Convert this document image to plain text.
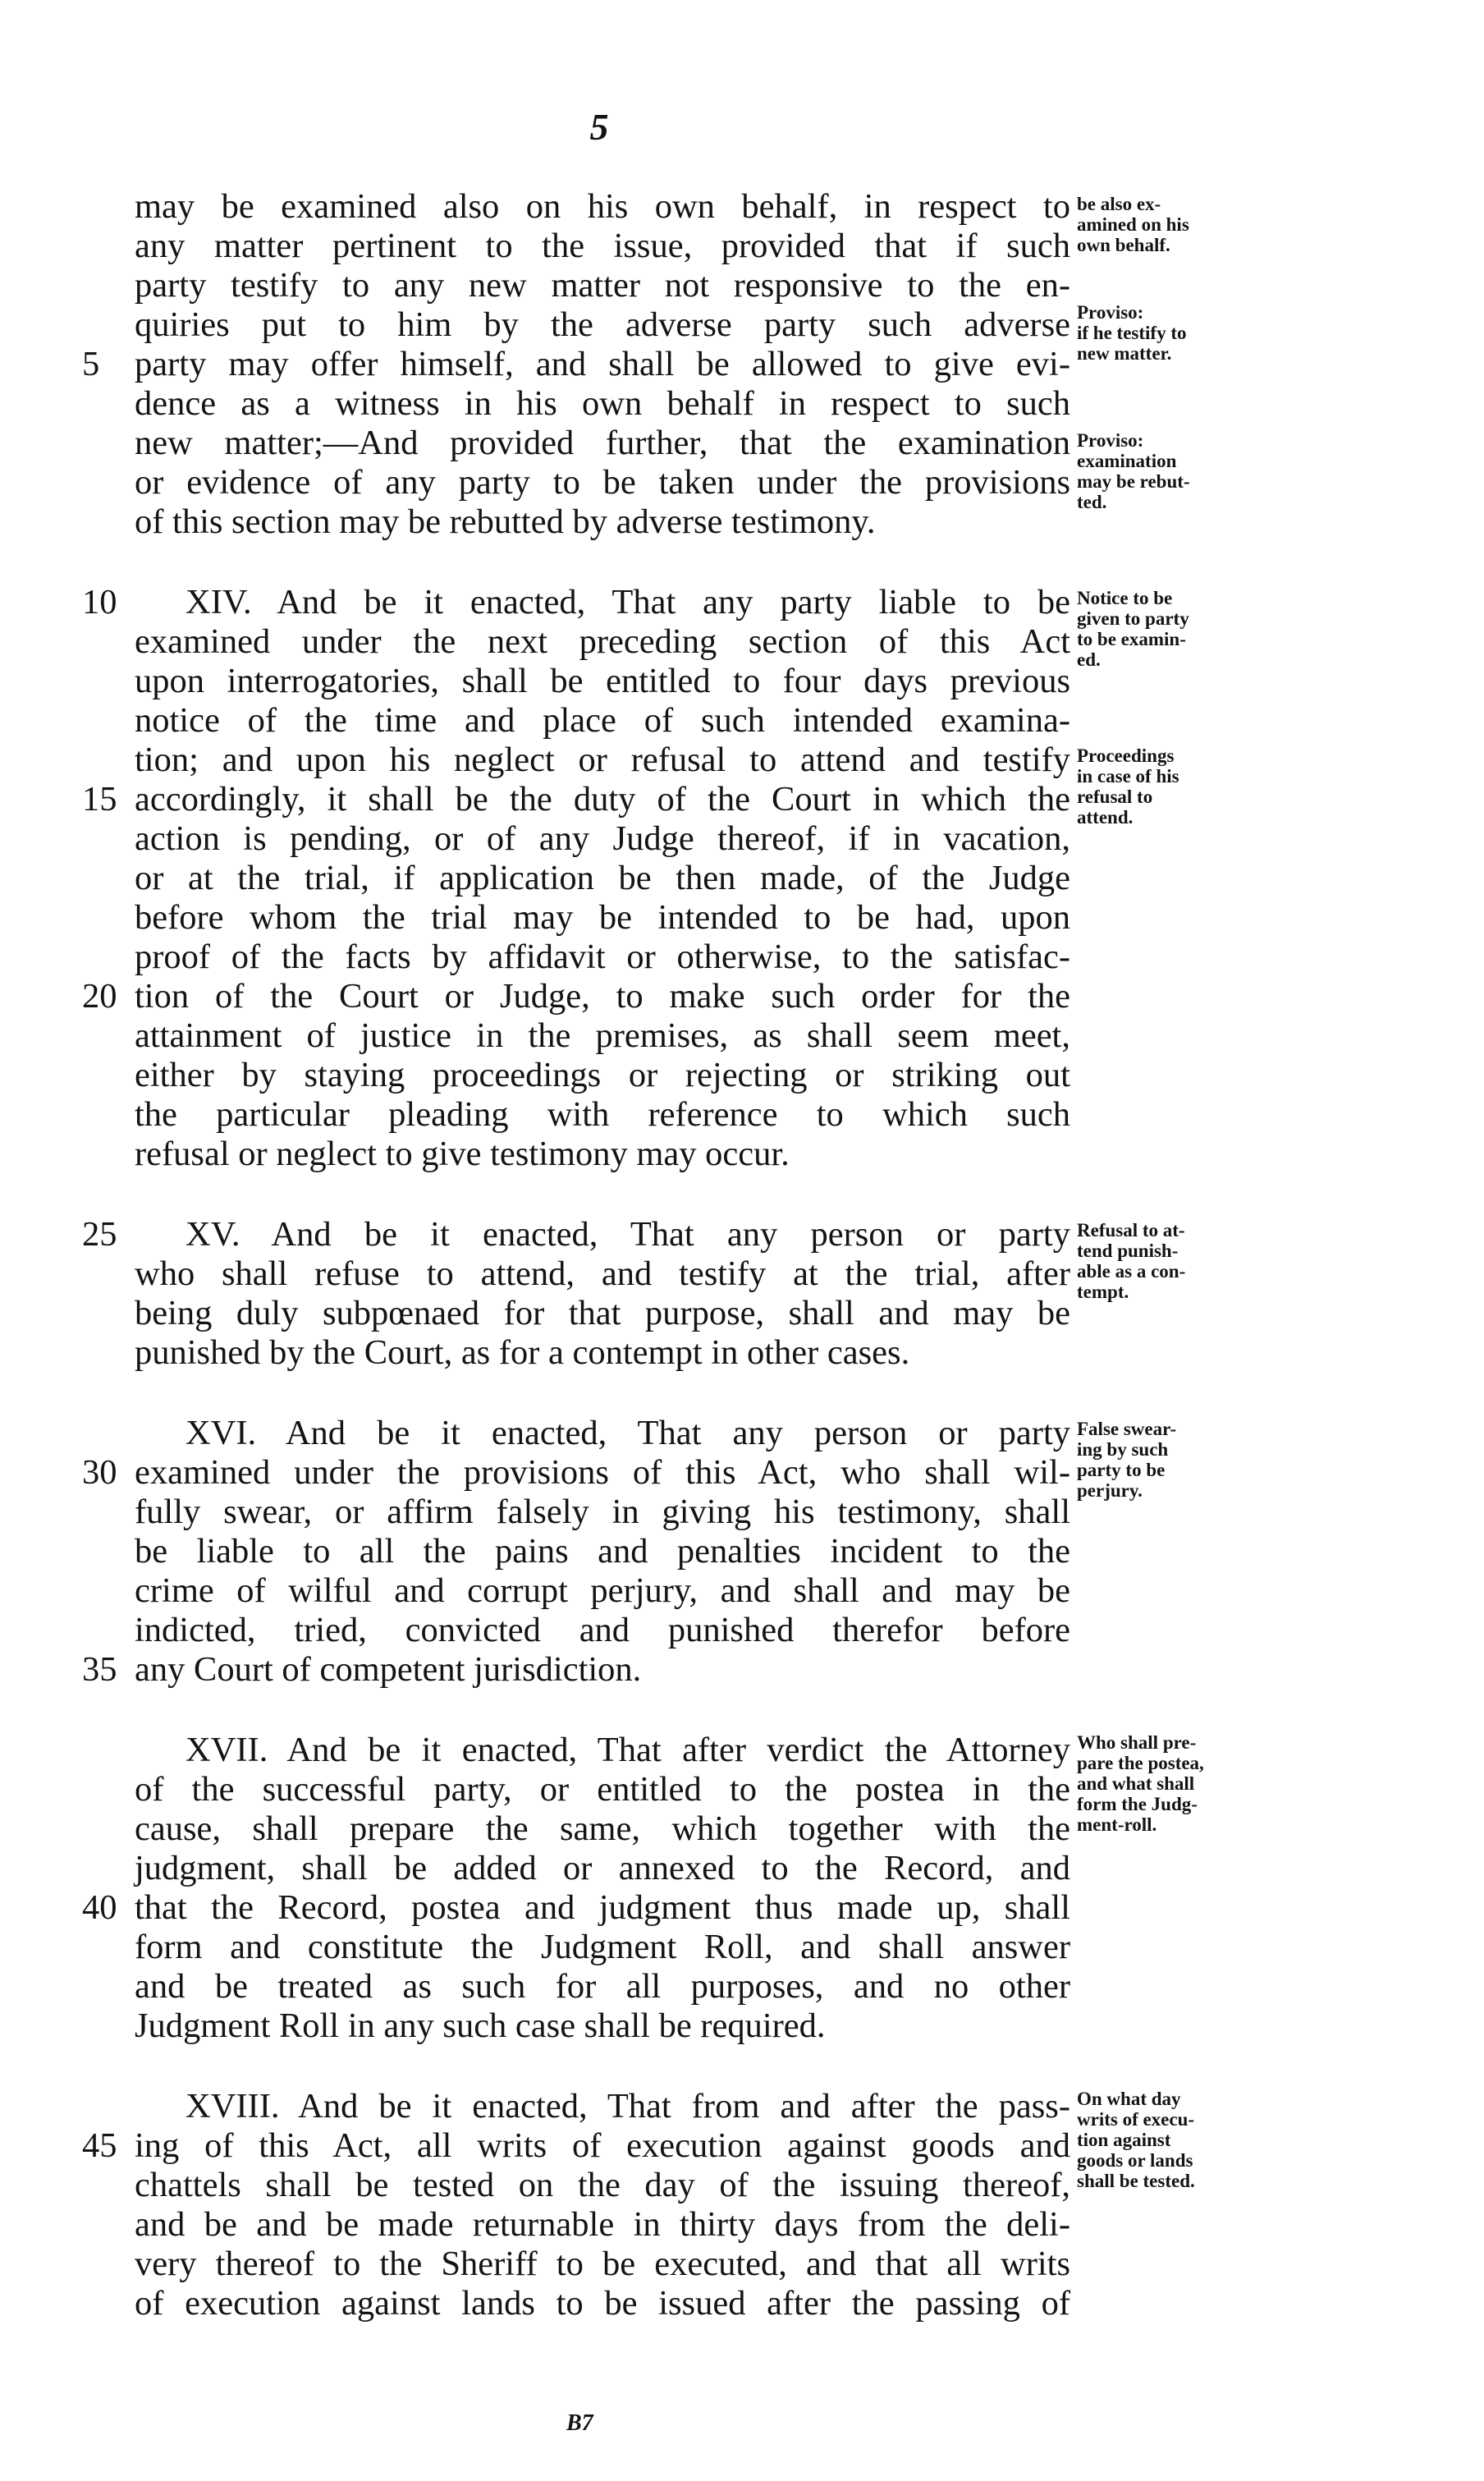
5
may be examined also on his own behalf, in respect to
any matter pertinent to the issue, provided that if such
party testify to any new matter not responsive to the en-
quiries put to him by the adverse party such adverse
party may offer himself, and shall be allowed to give evi-
dence as a witness in his own behalf in respect to such
new matter;—And provided further, that the examination
or evidence of any party to be taken under the provisions
of this section may be rebutted by adverse testimony.
XIV. And be it enacted, That any party liable to be
examined under the next preceding section of this Act
upon interrogatories, shall be entitled to four days previous
notice of the time and place of such intended examina-
tion; and upon his neglect or refusal to attend and testify
accordingly, it shall be the duty of the Court in which the
action is pending, or of any Judge thereof, if in vacation,
or at the trial, if application be then made, of the Judge
before whom the trial may be intended to be had, upon
proof of the facts by affidavit or otherwise, to the satisfac-
tion of the Court or Judge, to make such order for the
attainment of justice in the premises, as shall seem meet,
either by staying proceedings or rejecting or striking out
the particular pleading with reference to which such
refusal or neglect to give testimony may occur.
XV. And be it enacted, That any person or party
who shall refuse to attend, and testify at the trial, after
being duly subpœnaed for that purpose, shall and may be
punished by the Court, as for a contempt in other cases.
XVI. And be it enacted, That any person or party
examined under the provisions of this Act, who shall wil-
fully swear, or affirm falsely in giving his testimony, shall
be liable to all the pains and penalties incident to the
crime of wilful and corrupt perjury, and shall and may be
indicted, tried, convicted and punished therefor before
any Court of competent jurisdiction.
XVII. And be it enacted, That after verdict the Attorney
of the successful party, or entitled to the postea in the
cause, shall prepare the same, which together with the
judgment, shall be added or annexed to the Record, and
that the Record, postea and judgment thus made up, shall
form and constitute the Judgment Roll, and shall answer
and be treated as such for all purposes, and no other
Judgment Roll in any such case shall be required.
XVIII. And be it enacted, That from and after the pass-
ing of this Act, all writs of execution against goods and
chattels shall be tested on the day of the issuing thereof,
and be and be made returnable in thirty days from the deli-
very thereof to the Sheriff to be executed, and that all writs
of execution against lands to be issued after the passing of
5
10
15
20
25
30
35
40
45
be also ex-
amined on his
own behalf.
Proviso:
if he testify to
new matter.
Proviso:
examination
may be rebut-
ted.
Notice to be
given to party
to be examin-
ed.
Proceedings
in case of his
refusal to
attend.
Refusal to at-
tend punish-
able as a con-
tempt.
False swear-
ing by such
party to be
perjury.
Who shall pre-
pare the postea,
and what shall
form the Judg-
ment-roll.
On what day
writs of execu-
tion against
goods or lands
shall be tested.
B7
